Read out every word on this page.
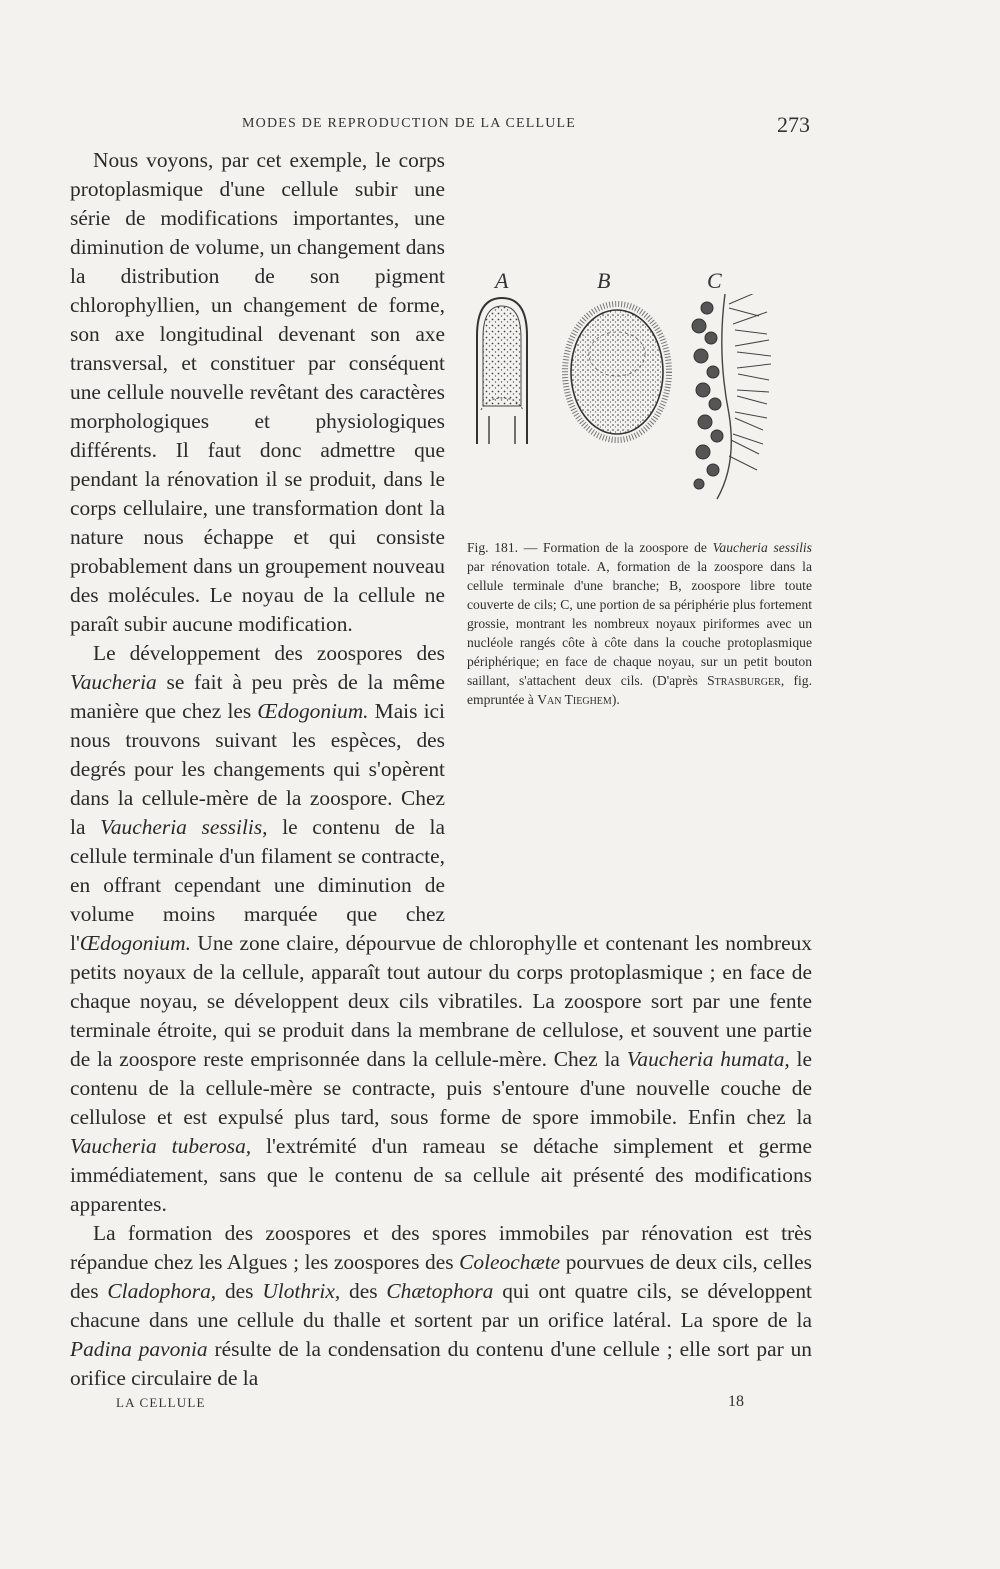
MODES DE REPRODUCTION DE LA CELLULE	273
A	B	C
Fig. 181. — Formation de la zoospore de Vaucheria sessilis par rénovation totale. A, formation de la zoospore dans la cellule terminale d'une branche; B, zoospore libre toute couverte de cils; C, une portion de sa périphérie plus fortement grossie, montrant les nombreux noyaux piriformes avec un nucléole rangés côte à côte dans la couche protoplasmique périphérique; en face de chaque noyau, sur un petit bouton saillant, s'attachent deux cils. (D'après Strasburger, fig. empruntée à Van Tieghem).

Nous voyons, par cet exemple, le corps protoplasmique d'une cellule subir une série de modifications importantes, une diminution de volume, un changement dans la distribution de son pigment chlorophyllien, un changement de forme, son axe longitudinal devenant son axe transversal, et constituer par conséquent une cellule nouvelle revêtant des caractères morphologiques et physiologiques différents. Il faut donc admettre que pendant la rénovation il se produit, dans le corps cellulaire, une transformation dont la nature nous échappe et qui consiste probablement dans un groupement nouveau des molécules. Le noyau de la cellule ne paraît subir aucune modification.

Le développement des zoospores des Vaucheria se fait à peu près de la même manière que chez les Œdogonium. Mais ici nous trouvons suivant les espèces, des degrés pour les changements qui s'opèrent dans la cellule-mère de la zoospore. Chez la Vaucheria sessilis, le contenu de la cellule terminale d'un filament se contracte, en offrant cependant une diminution de volume moins marquée que chez l'Œdogonium. Une zone claire, dépourvue de chlorophylle et contenant les nombreux petits noyaux de la cellule, apparaît tout autour du corps protoplasmique ; en face de chaque noyau, se développent deux cils vibratiles. La zoospore sort par une fente terminale étroite, qui se produit dans la membrane de cellulose, et souvent une partie de la zoospore reste emprisonnée dans la cellule-mère. Chez la Vaucheria humata, le contenu de la cellule-mère se contracte, puis s'entoure d'une nouvelle couche de cellulose et est expulsé plus tard, sous forme de spore immobile. Enfin chez la Vaucheria tuberosa, l'extrémité d'un rameau se détache simplement et germe immédiatement, sans que le contenu de sa cellule ait présenté des modifications apparentes.

La formation des zoospores et des spores immobiles par rénovation est très répandue chez les Algues ; les zoospores des Coleochæte pourvues de deux cils, celles des Cladophora, des Ulothrix, des Chætophora qui ont quatre cils, se développent chacune dans une cellule du thalle et sortent par un orifice latéral. La spore de la Padina pavonia résulte de la condensation du contenu d'une cellule ; elle sort par un orifice circulaire de la

LA CELLULE	18
